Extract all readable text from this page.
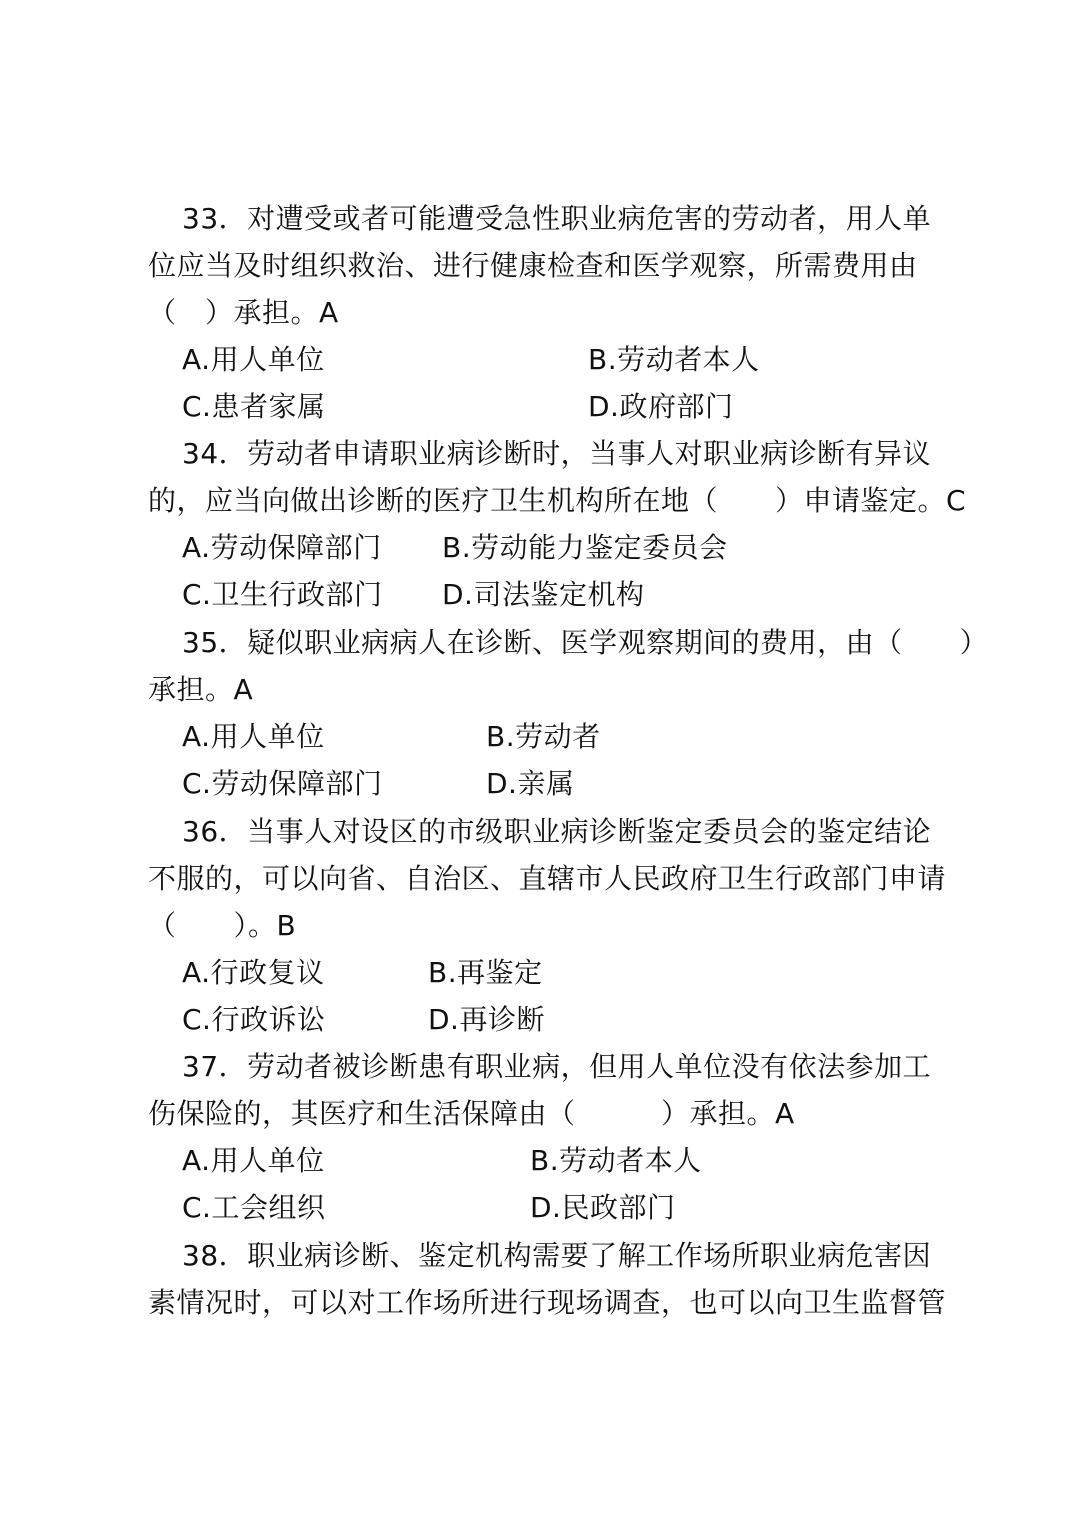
33．对遭受或者可能遭受急性职业病危害的劳动者，用人单
位应当及时组织救治、进行健康检查和医学观察，所需费用由
（　）承担。A
A.用人单位	B.劳动者本人
C.患者家属	D.政府部门
34．劳动者申请职业病诊断时，当事人对职业病诊断有异议
的，应当向做出诊断的医疗卫生机构所在地（　　）申请鉴定。C
A.劳动保障部门 B.劳动能力鉴定委员会
C.卫生行政部门 D.司法鉴定机构
35．疑似职业病病人在诊断、医学观察期间的费用，由（　　）
承担。A
A.用人单位	B.劳动者
C.劳动保障部门	D.亲属
36．当事人对设区的市级职业病诊断鉴定委员会的鉴定结论
不服的，可以向省、自治区、直辖市人民政府卫生行政部门申请
（　　）。B
A.行政复议	B.再鉴定
C.行政诉讼	D.再诊断
37．劳动者被诊断患有职业病，但用人单位没有依法参加工
伤保险的，其医疗和生活保障由（　　　）承担。A
A.用人单位	B.劳动者本人
C.工会组织	D.民政部门
38．职业病诊断、鉴定机构需要了解工作场所职业病危害因
素情况时，可以对工作场所进行现场调查，也可以向卫生监督管
